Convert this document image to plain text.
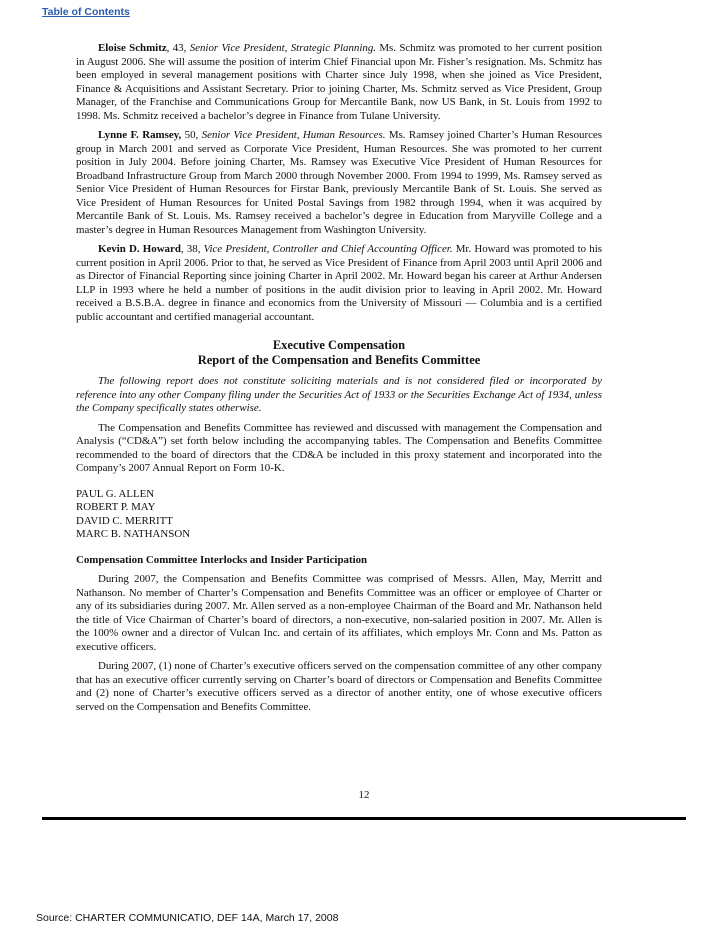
Table of Contents

Eloise Schmitz, 43, Senior Vice President, Strategic Planning. Ms. Schmitz was promoted to her current position in August 2006. She will assume the position of interim Chief Financial upon Mr. Fisher’s resignation. Ms. Schmitz has been employed in several management positions with Charter since July 1998, when she joined as Vice President, Finance & Acquisitions and Assistant Secretary. Prior to joining Charter, Ms. Schmitz served as Vice President, Group Manager, of the Franchise and Communications Group for Mercantile Bank, now US Bank, in St. Louis from 1992 to 1998. Ms. Schmitz received a bachelor’s degree in Finance from Tulane University.

Lynne F. Ramsey, 50, Senior Vice President, Human Resources. Ms. Ramsey joined Charter’s Human Resources group in March 2001 and served as Corporate Vice President, Human Resources. She was promoted to her current position in July 2004. Before joining Charter, Ms. Ramsey was Executive Vice President of Human Resources for Broadband Infrastructure Group from March 2000 through November 2000. From 1994 to 1999, Ms. Ramsey served as Senior Vice President of Human Resources for Firstar Bank, previously Mercantile Bank of St. Louis. She served as Vice President of Human Resources for United Postal Savings from 1982 through 1994, when it was acquired by Mercantile Bank of St. Louis. Ms. Ramsey received a bachelor’s degree in Education from Maryville College and a master’s degree in Human Resources Management from Washington University.

Kevin D. Howard, 38, Vice President, Controller and Chief Accounting Officer. Mr. Howard was promoted to his current position in April 2006. Prior to that, he served as Vice President of Finance from April 2003 until April 2006 and as Director of Financial Reporting since joining Charter in April 2002. Mr. Howard began his career at Arthur Andersen LLP in 1993 where he held a number of positions in the audit division prior to leaving in April 2002. Mr. Howard received a B.S.B.A. degree in finance and economics from the University of Missouri — Columbia and is a certified public accountant and certified managerial accountant.

Executive Compensation
Report of the Compensation and Benefits Committee

The following report does not constitute soliciting materials and is not considered filed or incorporated by reference into any other Company filing under the Securities Act of 1933 or the Securities Exchange Act of 1934, unless the Company specifically states otherwise.

The Compensation and Benefits Committee has reviewed and discussed with management the Compensation and Analysis (“CD&A”) set forth below including the accompanying tables. The Compensation and Benefits Committee recommended to the board of directors that the CD&A be included in this proxy statement and incorporated into the Company’s 2007 Annual Report on Form 10-K.

PAUL G. ALLEN
ROBERT P. MAY
DAVID C. MERRITT
MARC B. NATHANSON

Compensation Committee Interlocks and Insider Participation

During 2007, the Compensation and Benefits Committee was comprised of Messrs. Allen, May, Merritt and Nathanson. No member of Charter’s Compensation and Benefits Committee was an officer or employee of Charter or any of its subsidiaries during 2007. Mr. Allen served as a non-employee Chairman of the Board and Mr. Nathanson held the title of Vice Chairman of Charter’s board of directors, a non-executive, non-salaried position in 2007. Mr. Allen is the 100% owner and a director of Vulcan Inc. and certain of its affiliates, which employs Mr. Conn and Ms. Patton as executive officers.

During 2007, (1) none of Charter’s executive officers served on the compensation committee of any other company that has an executive officer currently serving on Charter’s board of directors or Compensation and Benefits Committee and (2) none of Charter’s executive officers served as a director of another entity, one of whose executive officers served on the Compensation and Benefits Committee.

12
Source: CHARTER COMMUNICATIO, DEF 14A, March 17, 2008
